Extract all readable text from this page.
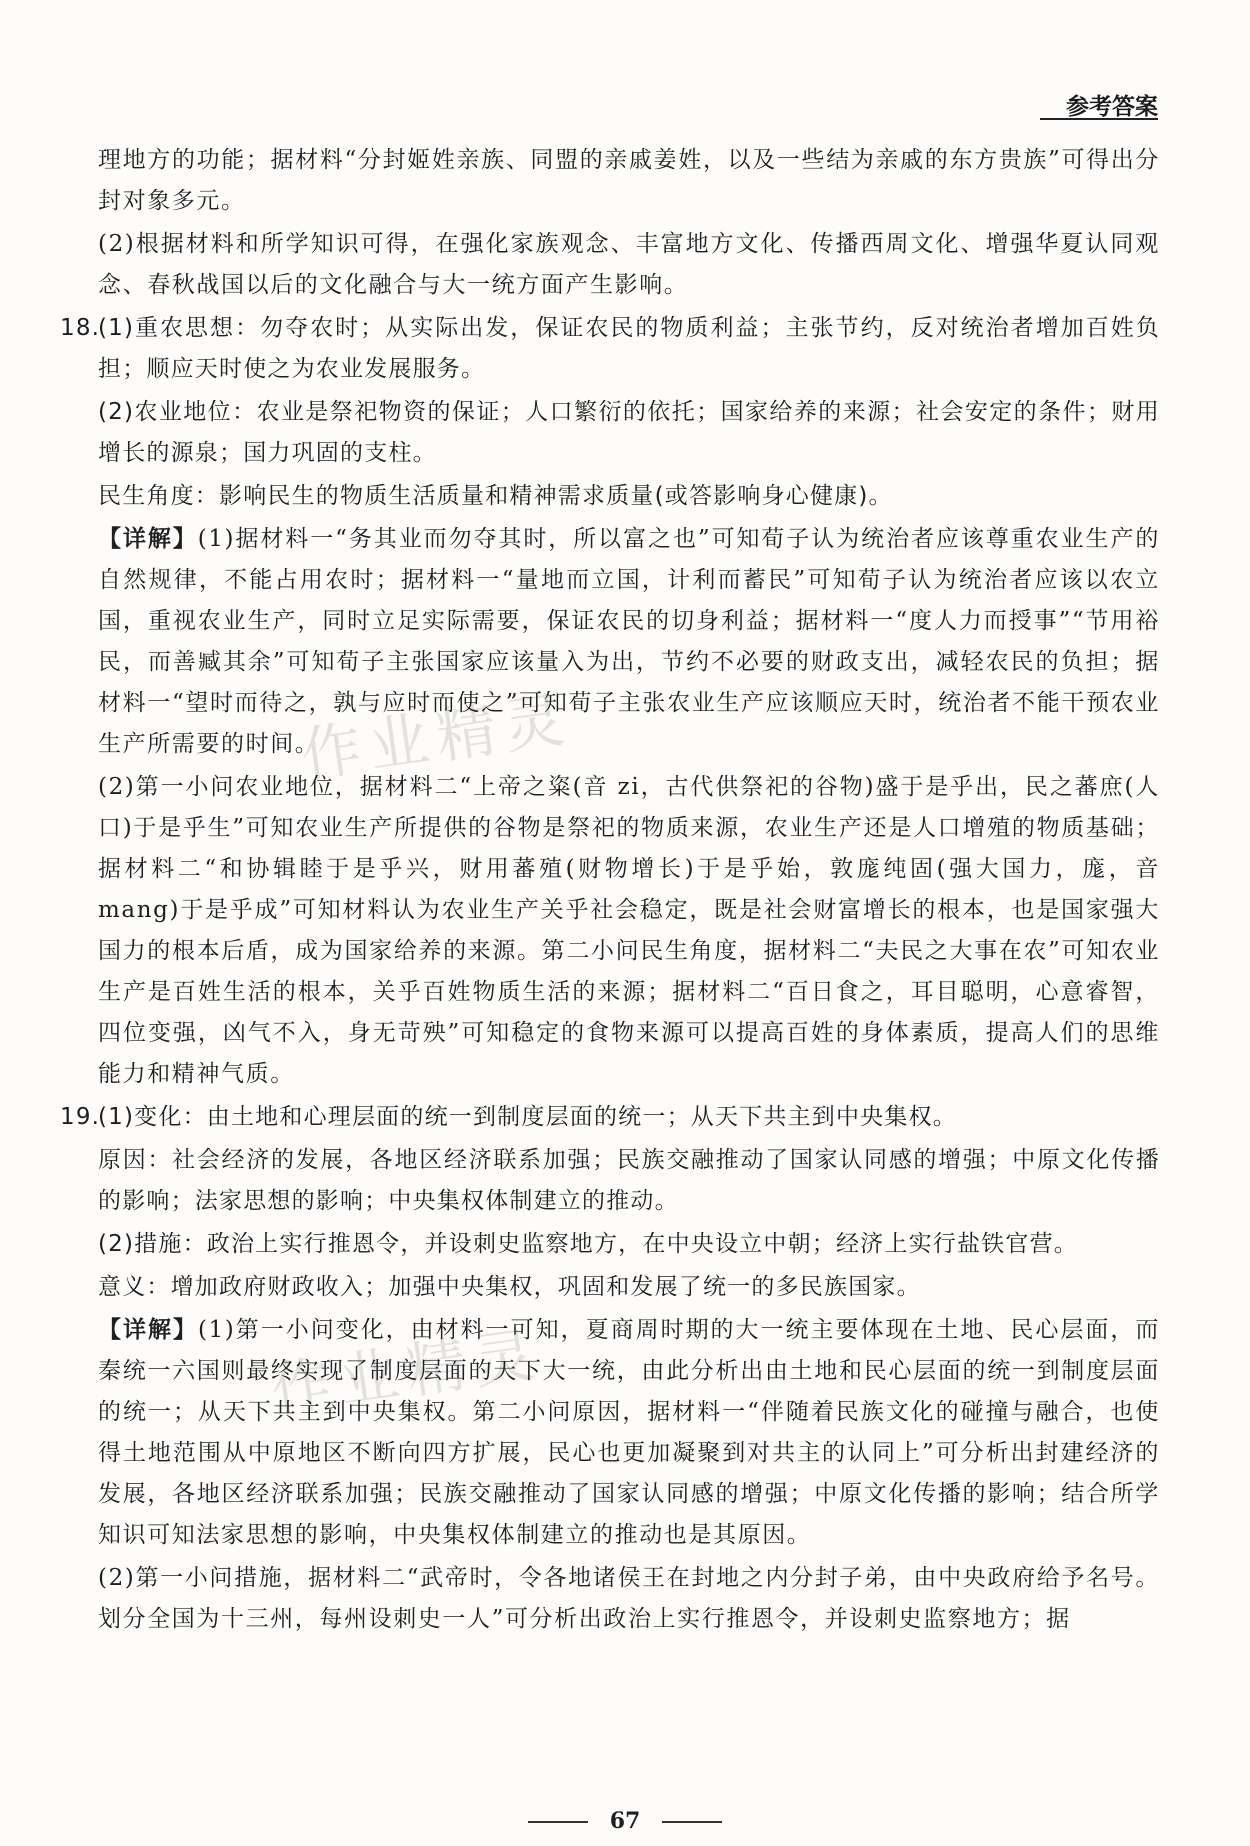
参考答案
作业精灵
作业精灵
理地方的功能；据材料“分封姬姓亲族、同盟的亲戚姜姓，以及一些结为亲戚的东方贵族”可得出分封对象多元。
(2)根据材料和所学知识可得，在强化家族观念、丰富地方文化、传播西周文化、增强华夏认同观念、春秋战国以后的文化融合与大一统方面产生影响。
18.
(1)重农思想：勿夺农时；从实际出发，保证农民的物质利益；主张节约，反对统治者增加百姓负担；顺应天时使之为农业发展服务。
(2)农业地位：农业是祭祀物资的保证；人口繁衍的依托；国家给养的来源；社会安定的条件；财用增长的源泉；国力巩固的支柱。
民生角度：影响民生的物质生活质量和精神需求质量(或答影响身心健康)。
【详解】(1)据材料一“务其业而勿夺其时，所以富之也”可知荀子认为统治者应该尊重农业生产的自然规律，不能占用农时；据材料一“量地而立国，计利而蓄民”可知荀子认为统治者应该以农立国，重视农业生产，同时立足实际需要，保证农民的切身利益；据材料一“度人力而授事”“节用裕民，而善臧其余”可知荀子主张国家应该量入为出，节约不必要的财政支出，减轻农民的负担；据材料一“望时而待之，孰与应时而使之”可知荀子主张农业生产应该顺应天时，统治者不能干预农业生产所需要的时间。
(2)第一小问农业地位，据材料二“上帝之粢(音 zi，古代供祭祀的谷物)盛于是乎出，民之蕃庶(人口)于是乎生”可知农业生产所提供的谷物是祭祀的物质来源，农业生产还是人口增殖的物质基础；据材料二“和协辑睦于是乎兴，财用蕃殖(财物增长)于是乎始，敦庬纯固(强大国力，庬，音 mang)于是乎成”可知材料认为农业生产关乎社会稳定，既是社会财富增长的根本，也是国家强大国力的根本后盾，成为国家给养的来源。第二小问民生角度，据材料二“夫民之大事在农”可知农业生产是百姓生活的根本，关乎百姓物质生活的来源；据材料二“百日食之，耳目聪明，心意睿智，四位变强，凶气不入，身无苛殃”可知稳定的食物来源可以提高百姓的身体素质，提高人们的思维能力和精神气质。
19.
(1)变化：由土地和心理层面的统一到制度层面的统一；从天下共主到中央集权。
原因：社会经济的发展，各地区经济联系加强；民族交融推动了国家认同感的增强；中原文化传播的影响；法家思想的影响；中央集权体制建立的推动。
(2)措施：政治上实行推恩令，并设刺史监察地方，在中央设立中朝；经济上实行盐铁官营。
意义：增加政府财政收入；加强中央集权，巩固和发展了统一的多民族国家。
【详解】(1)第一小问变化，由材料一可知，夏商周时期的大一统主要体现在土地、民心层面，而秦统一六国则最终实现了制度层面的天下大一统，由此分析出由土地和民心层面的统一到制度层面的统一；从天下共主到中央集权。第二小问原因，据材料一“伴随着民族文化的碰撞与融合，也使得土地范围从中原地区不断向四方扩展，民心也更加凝聚到对共主的认同上”可分析出封建经济的发展，各地区经济联系加强；民族交融推动了国家认同感的增强；中原文化传播的影响；结合所学知识可知法家思想的影响，中央集权体制建立的推动也是其原因。
(2)第一小问措施，据材料二“武帝时，令各地诸侯王在封地之内分封子弟，由中央政府给予名号。划分全国为十三州，每州设刺史一人”可分析出政治上实行推恩令，并设刺史监察地方；据
67
